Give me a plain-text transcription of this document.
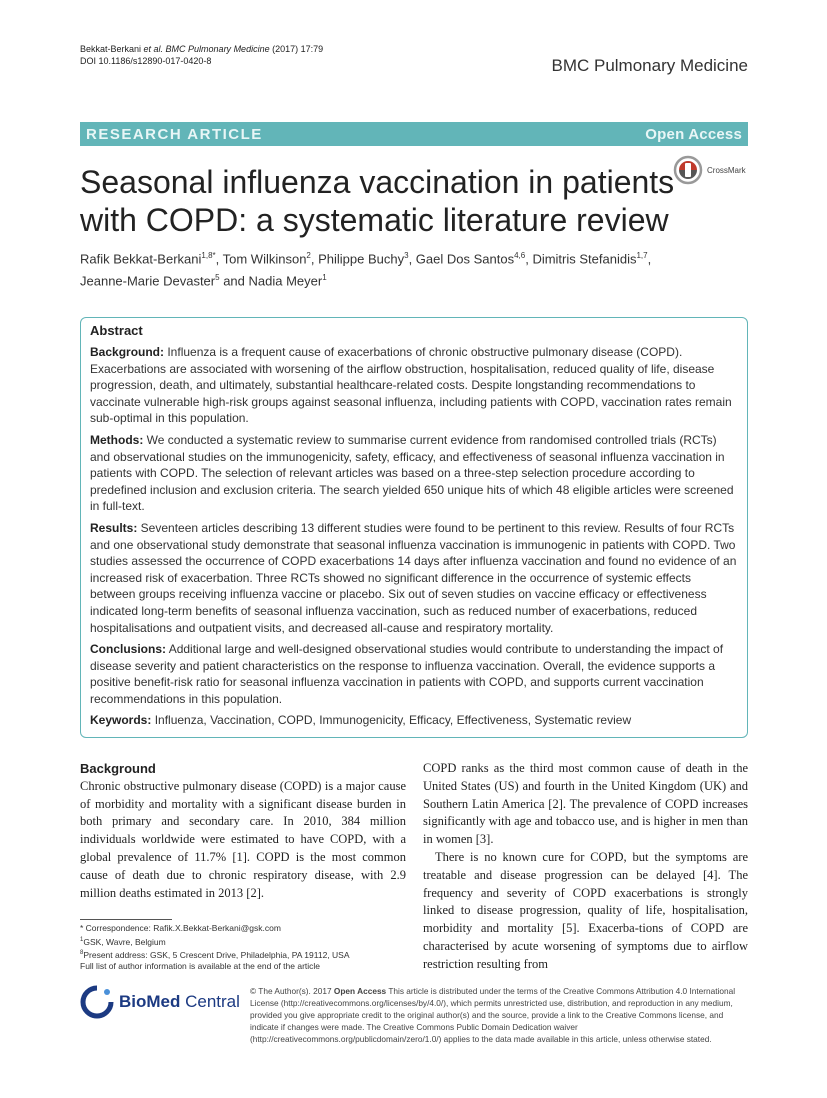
Bekkat-Berkani et al. BMC Pulmonary Medicine (2017) 17:79
DOI 10.1186/s12890-017-0420-8	BMC Pulmonary Medicine
RESEARCH ARTICLE	Open Access
Seasonal influenza vaccination in patients with COPD: a systematic literature review
CrossMark
Rafik Bekkat-Berkani$^{1,8*}$, Tom Wilkinson$^2$, Philippe Buchy$^3$, Gael Dos Santos$^{4,6}$, Dimitris Stefanidis$^{1,7}$,
Jeanne-Marie Devaster$^5$ and Nadia Meyer$^1$
Abstract

Background: Influenza is a frequent cause of exacerbations of chronic obstructive pulmonary disease (COPD). Exacerbations are associated with worsening of the airflow obstruction, hospitalisation, reduced quality of life, disease progression, death, and ultimately, substantial healthcare-related costs. Despite longstanding recommendations to vaccinate vulnerable high-risk groups against seasonal influenza, including patients with COPD, vaccination rates remain sub-optimal in this population.

Methods: We conducted a systematic review to summarise current evidence from randomised controlled trials (RCTs) and observational studies on the immunogenicity, safety, efficacy, and effectiveness of seasonal influenza vaccination in patients with COPD. The selection of relevant articles was based on a three-step selection procedure according to predefined inclusion and exclusion criteria. The search yielded 650 unique hits of which 48 eligible articles were screened in full-text.

Results: Seventeen articles describing 13 different studies were found to be pertinent to this review. Results of four RCTs and one observational study demonstrate that seasonal influenza vaccination is immunogenic in patients with COPD. Two studies assessed the occurrence of COPD exacerbations 14 days after influenza vaccination and found no evidence of an increased risk of exacerbation. Three RCTs showed no significant difference in the occurrence of systemic effects between groups receiving influenza vaccine or placebo. Six out of seven studies on vaccine efficacy or effectiveness indicated long-term benefits of seasonal influenza vaccination, such as reduced number of exacerbations, reduced hospitalisations and outpatient visits, and decreased all-cause and respiratory mortality.

Conclusions: Additional large and well-designed observational studies would contribute to understanding the impact of disease severity and patient characteristics on the response to influenza vaccination. Overall, the evidence supports a positive benefit-risk ratio for seasonal influenza vaccination in patients with COPD, and supports current vaccination recommendations in this population.

Keywords: Influenza, Vaccination, COPD, Immunogenicity, Efficacy, Effectiveness, Systematic review

Background

Chronic obstructive pulmonary disease (COPD) is a major cause of morbidity and mortality with a significant disease burden in both primary and secondary care. In 2010, 384 million individuals worldwide were estimated to have COPD, with a global prevalence of 11.7% [1]. COPD is the most common cause of death due to chronic respiratory disease, with 2.9 million deaths estimated in 2013 [2].

COPD ranks as the third most common cause of death in the United States (US) and fourth in the United Kingdom (UK) and Southern Latin America [2]. The prevalence of COPD increases significantly with age and tobacco use, and is higher in men than in women [3].

There is no known cure for COPD, but the symptoms are treatable and disease progression can be delayed [4]. The frequency and severity of COPD exacerbations is strongly linked to disease progression, quality of life, hospitalisation, morbidity and mortality [5]. Exacerba-tions of COPD are characterised by acute worsening of symptoms due to airflow restriction resulting from

* Correspondence: Rafik.X.Bekkat-Berkani@gsk.com
$^1$GSK, Wavre, Belgium
$^8$Present address: GSK, 5 Crescent Drive, Philadelphia, PA 19112, USA
Full list of author information is available at the end of the article
BioMed Central
© The Author(s). 2017 Open Access This article is distributed under the terms of the Creative Commons Attribution 4.0 International License (http://creativecommons.org/licenses/by/4.0/), which permits unrestricted use, distribution, and reproduction in any medium, provided you give appropriate credit to the original author(s) and the source, provide a link to the Creative Commons license, and indicate if changes were made. The Creative Commons Public Domain Dedication waiver (http://creativecommons.org/publicdomain/zero/1.0/) applies to the data made available in this article, unless otherwise stated.
